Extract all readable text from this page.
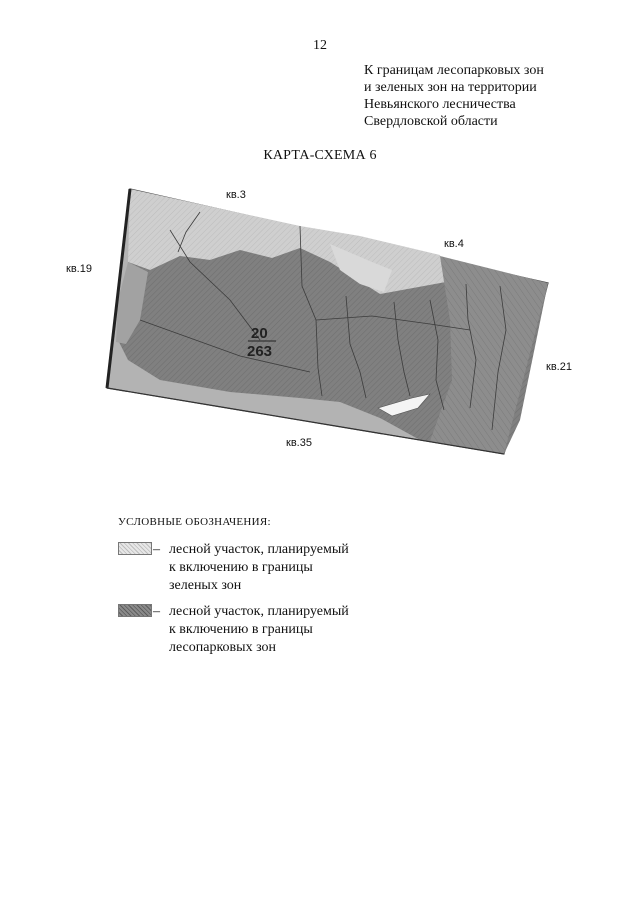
12
К границам лесопарковых зон
и зеленых зон на территории
Невьянского лесничества
Свердловской области
КАРТА-СХЕМА 6
кв.3
кв.4
кв.19
кв.21
кв.35
20
263
УСЛОВНЫЕ ОБОЗНАЧЕНИЯ:
– лесной участок, планируемый
к включению в границы
зеленых зон
– лесной участок, планируемый
к включению в границы
лесопарковых зон
